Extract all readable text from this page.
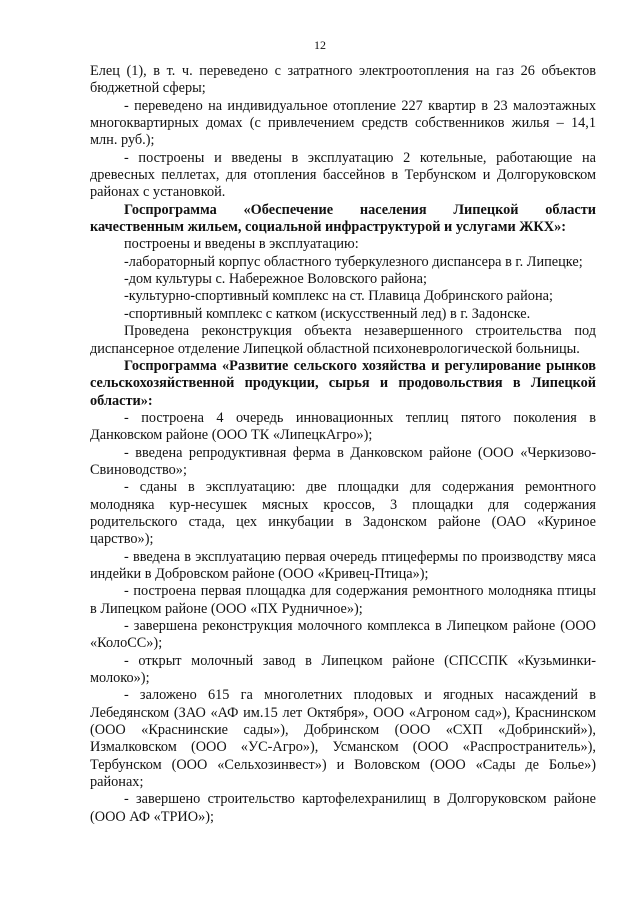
12

Елец (1), в т. ч. переведено с затратного электроотопления на газ 26 объектов бюджетной сферы;

- переведено на индивидуальное отопление 227 квартир в 23 малоэтажных многоквартирных домах (с привлечением средств собственников жилья – 14,1 млн. руб.);

- построены и введены в эксплуатацию 2 котельные, работающие на древесных пеллетах, для отопления бассейнов в Тербунском и Долгоруковском районах с установкой.

Госпрограмма «Обеспечение населения Липецкой области качественным жильем, социальной инфраструктурой и услугами ЖКХ»:

построены и введены в эксплуатацию:

-лабораторный корпус областного туберкулезного диспансера в г. Липецке;

-дом культуры с. Набережное Воловского района;

-культурно-спортивный комплекс на ст. Плавица Добринского района;

-спортивный комплекс с катком (искусственный лед) в г. Задонске.

Проведена реконструкция объекта незавершенного строительства под диспансерное отделение Липецкой областной психоневрологической больницы.

Госпрограмма «Развитие сельского хозяйства и регулирование рынков сельскохозяйственной продукции, сырья и продовольствия в Липецкой области»:

- построена 4 очередь инновационных теплиц пятого поколения в Данковском районе (ООО ТК «ЛипецкАгро»);

- введена репродуктивная ферма в Данковском районе (ООО «Черкизово-Свиноводство»;

- сданы в эксплуатацию: две площадки для содержания ремонтного молодняка кур-несушек мясных кроссов, 3 площадки для содержания родительского стада, цех инкубации в Задонском районе (ОАО «Куриное царство»);

- введена в эксплуатацию первая очередь птицефермы по производству мяса индейки в Добровском районе (ООО «Кривец-Птица»);

- построена первая площадка для содержания ремонтного молодняка птицы в Липецком районе (ООО «ПХ Рудничное»);

- завершена реконструкция молочного комплекса в Липецком районе (ООО «КолоСС»);

- открыт молочный завод в Липецком районе (СПССПК «Кузьминки-молоко»);

- заложено 615 га многолетних плодовых и ягодных насаждений в Лебедянском (ЗАО «АФ им.15 лет Октября», ООО «Агроном сад»), Краснинском (ООО «Краснинские сады»), Добринском (ООО «СХП «Добринский»), Измалковском (ООО «УС-Агро»), Усманском (ООО «Распространитель»), Тербунском (ООО «Сельхозинвест») и Воловском (ООО «Сады де Болье») районах;

- завершено строительство картофелехранилищ в Долгоруковском районе (ООО АФ «ТРИО»);
